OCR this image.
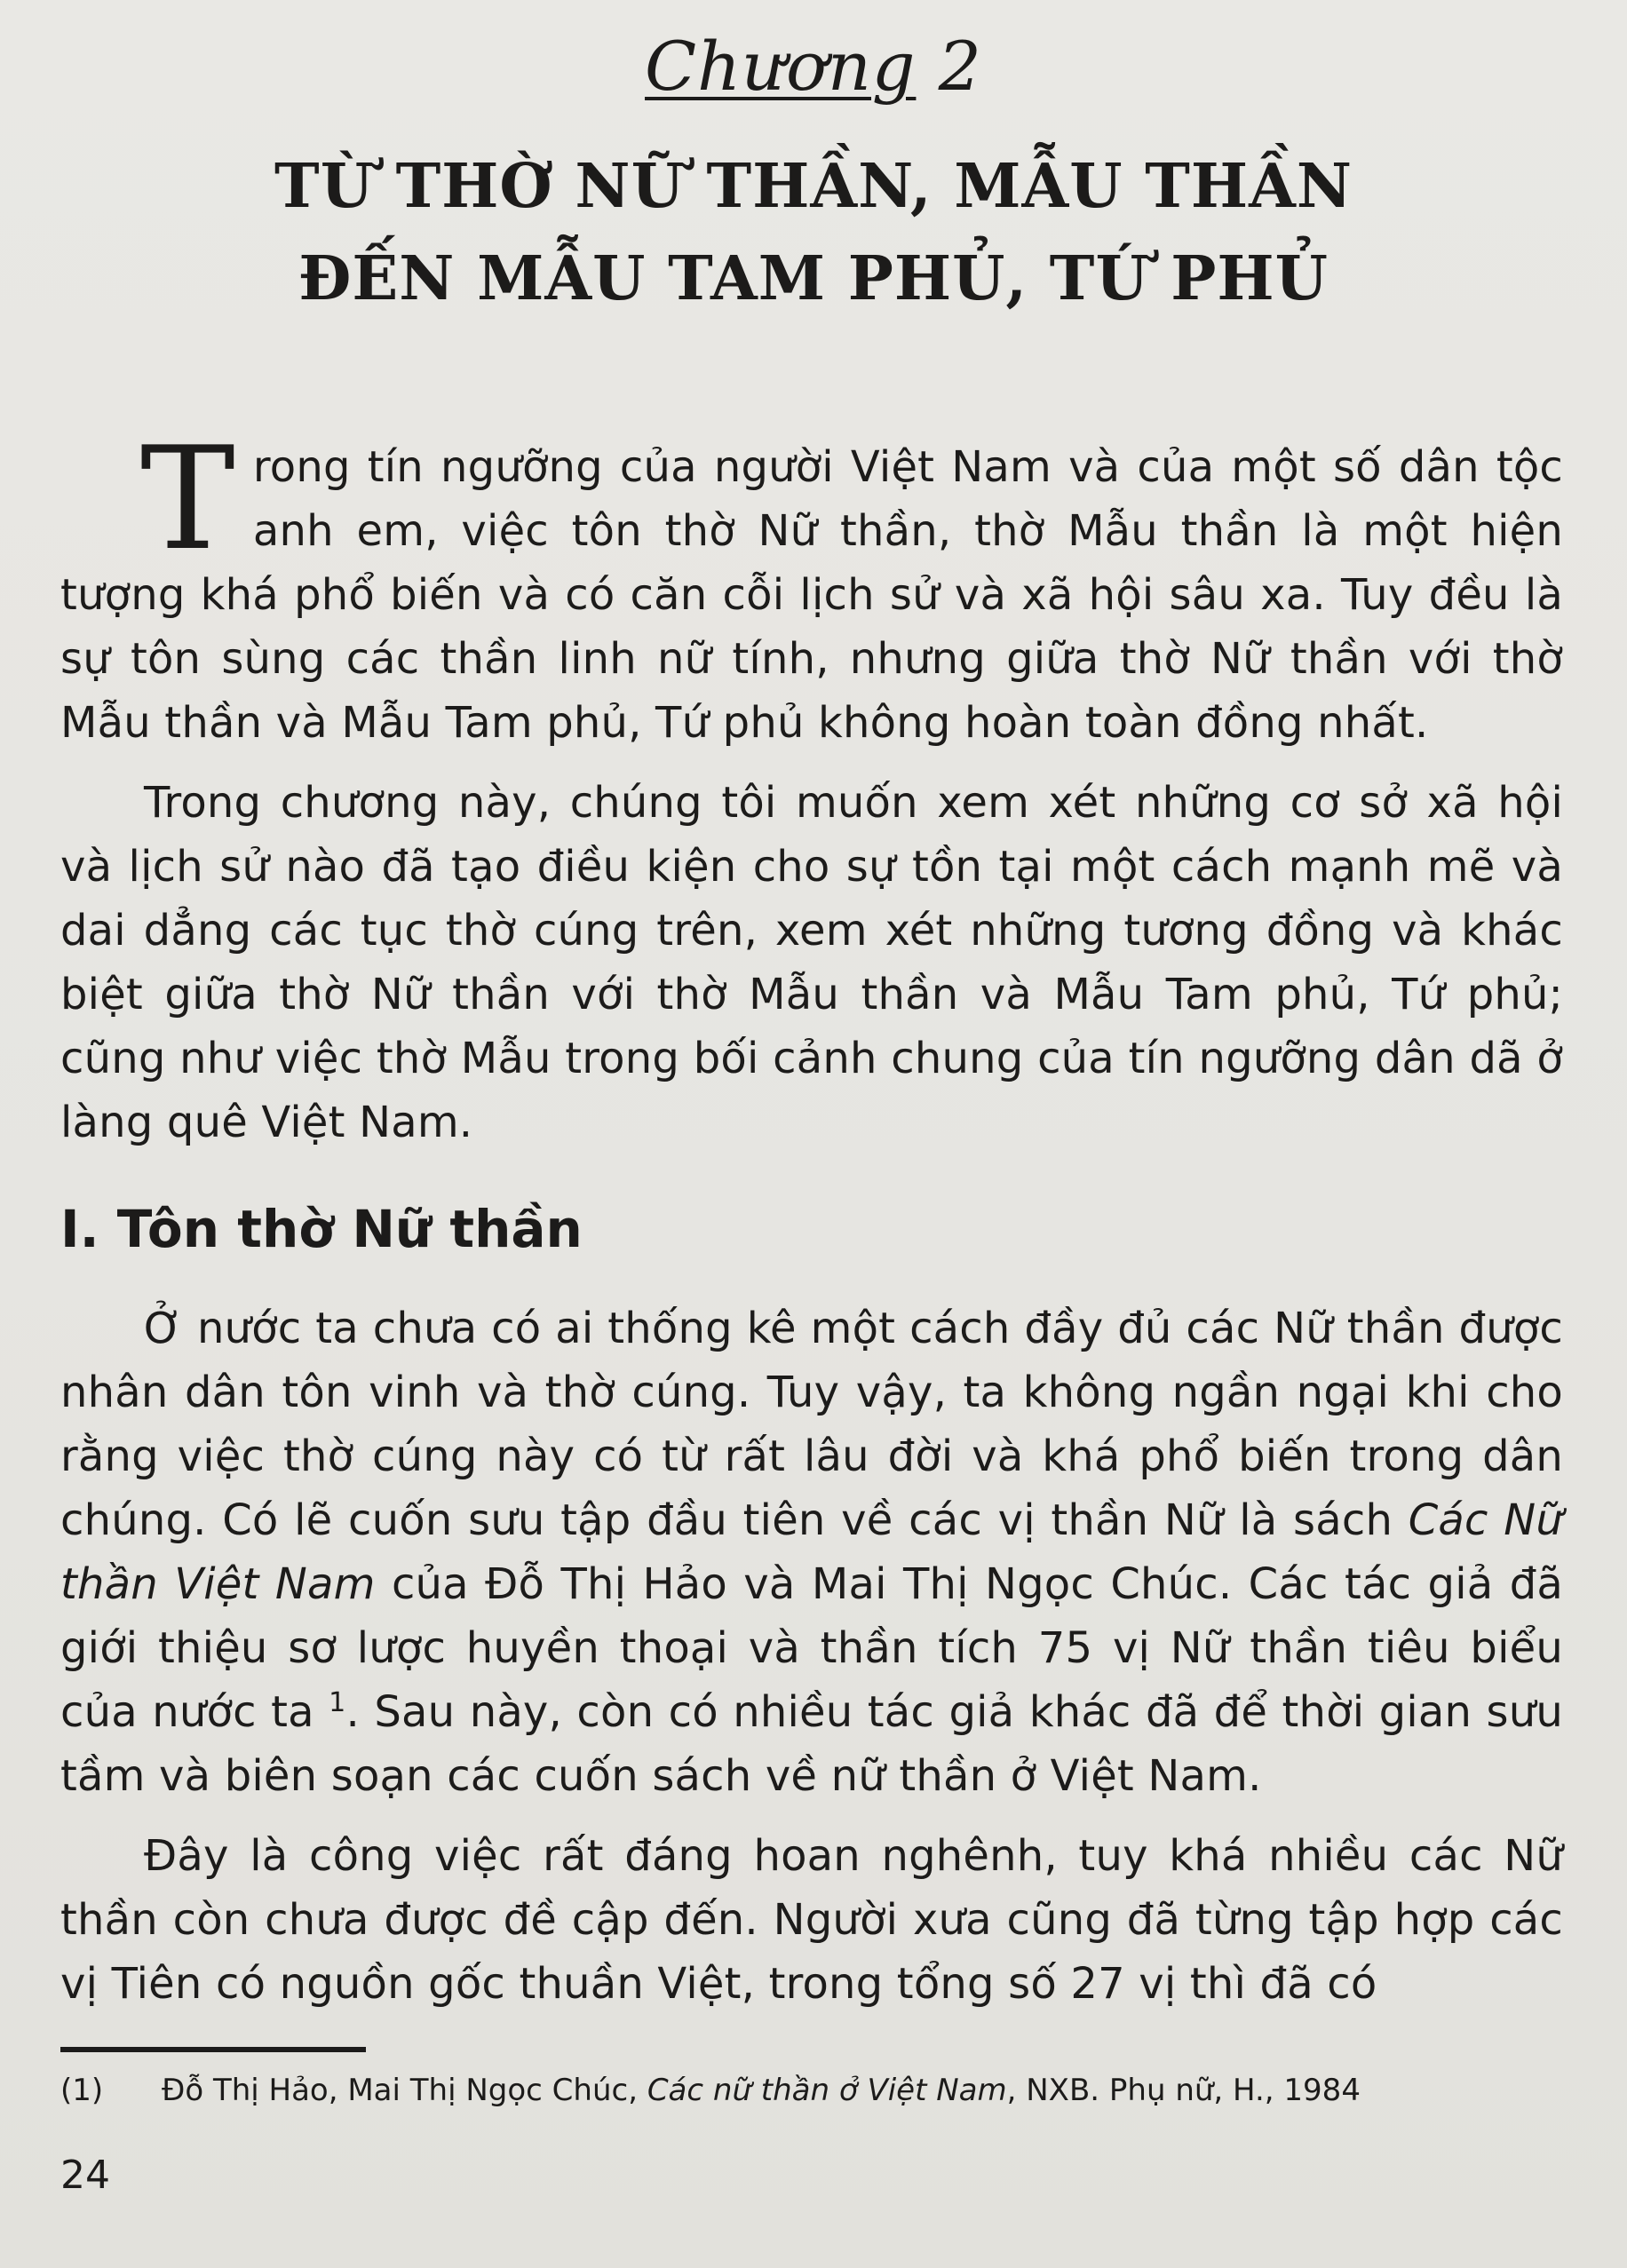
Chương 2
TỪ THỜ NỮ THẦN, MẪU THẦN
ĐẾN MẪU TAM PHỦ, TỨ PHỦ

Trong tín ngưỡng của người Việt Nam và của một số dân tộc anh em, việc tôn thờ Nữ thần, thờ Mẫu thần là một hiện tượng khá phổ biến và có căn cỗi lịch sử và xã hội sâu xa. Tuy đều là sự tôn sùng các thần linh nữ tính, nhưng giữa thờ Nữ thần với thờ Mẫu thần và Mẫu Tam phủ, Tứ phủ không hoàn toàn đồng nhất.

Trong chương này, chúng tôi muốn xem xét những cơ sở xã hội và lịch sử nào đã tạo điều kiện cho sự tồn tại một cách mạnh mẽ và dai dẳng các tục thờ cúng trên, xem xét những tương đồng và khác biệt giữa thờ Nữ thần với thờ Mẫu thần và Mẫu Tam phủ, Tứ phủ; cũng như việc thờ Mẫu trong bối cảnh chung của tín ngưỡng dân dã ở làng quê Việt Nam.

I. Tôn thờ Nữ thần

Ở nước ta chưa có ai thống kê một cách đầy đủ các Nữ thần được nhân dân tôn vinh và thờ cúng. Tuy vậy, ta không ngần ngại khi cho rằng việc thờ cúng này có từ rất lâu đời và khá phổ biến trong dân chúng. Có lẽ cuốn sưu tập đầu tiên về các vị thần Nữ là sách Các Nữ thần Việt Nam của Đỗ Thị Hảo và Mai Thị Ngọc Chúc. Các tác giả đã giới thiệu sơ lược huyền thoại và thần tích 75 vị Nữ thần tiêu biểu của nước ta $^1$. Sau này, còn có nhiều tác giả khác đã để thời gian sưu tầm và biên soạn các cuốn sách về nữ thần ở Việt Nam.

Đây là công việc rất đáng hoan nghênh, tuy khá nhiều các Nữ thần còn chưa được đề cập đến. Người xưa cũng đã từng tập hợp các vị Tiên có nguồn gốc thuần Việt, trong tổng số 27 vị thì đã có

(1) Đỗ Thị Hảo, Mai Thị Ngọc Chúc, Các nữ thần ở Việt Nam, NXB. Phụ nữ, H., 1984
24
